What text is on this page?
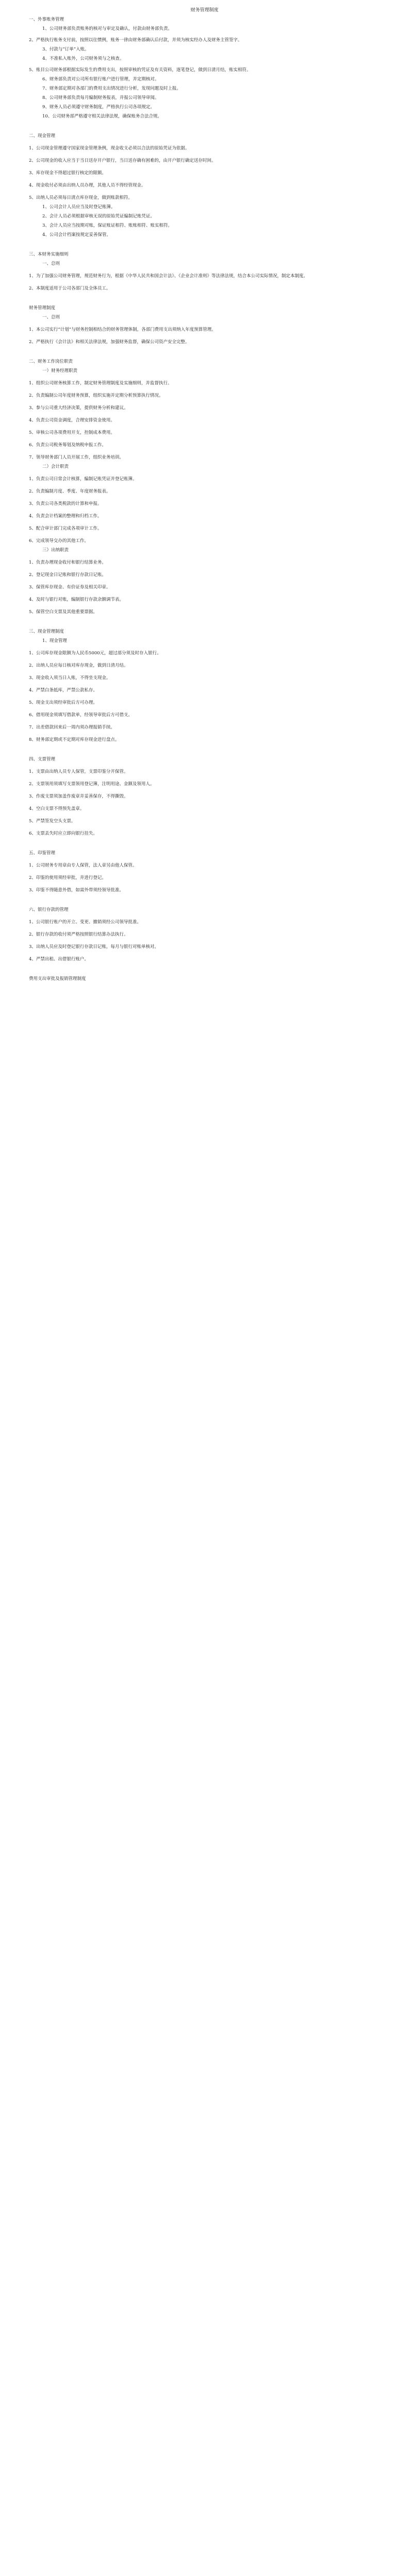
财务管理制度

一、外事账务管理

1、公司财务部负责账务的核对与审定及确认，付款由财务部负责。

2、严格执行账务支付前，按照以往惯例，账务一律由财务部确认后付款，并须为核实经办人及财务主管签字。

3、付款与“订单”入账。

4、不准私入账外，公司财务须与之核查。

5、账目公司财务部根据实际发生的费用支出，按照审核的凭证及有关资料，逐笔登记，做到日清月结，账实相符。

6、财务部负责对公司所有银行账户进行管理，并定期核对。

7、财务部定期对各部门的费用支出情况进行分析，发现问题及时上报。

8、公司财务部负责每月编制财务报表，并报公司领导审阅。

9、财务人员必须遵守财务制度，严格执行公司各项规定。

10、公司财务部严格遵守相关法律法规，确保账务合法合规。

二、现金管理

1、公司现金管理遵守国家现金管理条例，现金收支必须以合法的原始凭证为依据。

2、公司现金的收入应当于当日送存开户银行，当日送存确有困难的，由开户银行确定送存时间。

3、库存现金不得超过银行核定的限额。

4、现金收付必须由出纳人员办理，其他人员不得经管现金。

5、出纳人员必须每日清点库存现金，做到账款相符。

1、公司会计人员应当及时登记账簿。

2、会计人员必须根据审核无误的原始凭证编制记账凭证。

3、会计人员应当按期对账，保证账证相符、账账相符、账实相符。

4、公司会计档案按规定妥善保管。

三、本财务实施细则

一、总则

1、为了加强公司财务管理，规范财务行为，根据《中华人民共和国会计法》、《企业会计准则》等法律法规，结合本公司实际情况，制定本制度。

2、本制度适用于公司各部门及全体员工。

财务管理制度

一、总则

1、本公司实行“计划”与财务控制相结合的财务管理体制，各部门费用支出须纳入年度预算管理。

2、严格执行《会计法》和相关法律法规，加强财务监督，确保公司资产安全完整。

二、财务工作岗位职责

一）财务经理职责

1、组织公司财务核算工作，制定财务管理制度及实施细则，并监督执行。

2、负责编制公司年度财务预算，组织实施并定期分析预算执行情况。

3、参与公司重大经济决策，提供财务分析和建议。

4、负责公司资金调度，合理安排资金使用。

5、审核公司各项费用开支，控制成本费用。

6、负责公司税务筹划及纳税申报工作。

7、领导财务部门人员开展工作，组织业务培训。

二）会计职责

1、负责公司日常会计核算，编制记账凭证并登记账簿。

2、负责编制月度、季度、年度财务报表。

3、负责公司各类税款的计算和申报。

4、负责会计档案的整理和归档工作。

5、配合审计部门完成各项审计工作。

6、完成领导交办的其他工作。

三）出纳职责

1、负责办理现金收付和银行结算业务。

2、登记现金日记账和银行存款日记账。

3、保管库存现金、有价证券及相关印章。

4、及时与银行对账，编制银行存款余额调节表。

5、保管空白支票及其他重要票据。

三、现金管理制度

1、现金管理

1、公司库存现金限额为人民币5000元，超过部分须及时存入银行。

2、出纳人员应每日核对库存现金，做到日清月结。

3、现金收入须当日入账，不得坐支现金。

4、严禁白条抵库，严禁公款私存。

5、现金支出须经审批后方可办理。

6、借用现金须填写借款单，经领导审批后方可借支。

7、出差借款回来后一周内须办理报销手续。

8、财务部定期或不定期对库存现金进行盘点。

四、支票管理

1、支票由出纳人员专人保管，支票印鉴分开保管。

2、支票领用须填写支票领用登记簿，注明用途、金额及领用人。

3、作废支票须加盖作废章并妥善保存，不得撕毁。

4、空白支票不得预先盖章。

5、严禁签发空头支票。

6、支票丢失时应立即向银行挂失。

五、印鉴管理

1、公司财务专用章由专人保管，法人章另由他人保管。

2、印鉴的使用须经审批，并进行登记。

3、印鉴不得随意外借，如需外带须经领导批准。

六、银行存款的管理

1、公司银行账户的开立、变更、撤销须经公司领导批准。

2、银行存款的收付须严格按照银行结算办法执行。

3、出纳人员应及时登记银行存款日记账，每月与银行对账单核对。

4、严禁出租、出借银行账户。

费用支出审批及报销管理制度
